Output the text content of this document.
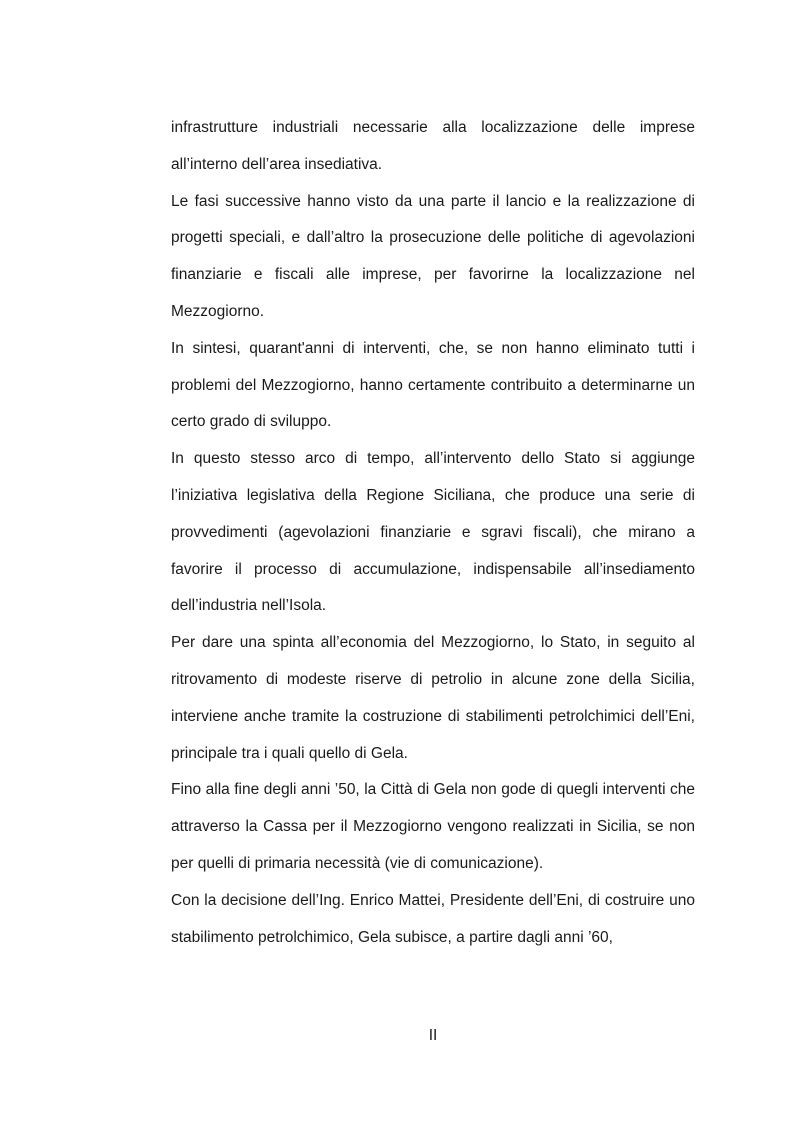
infrastrutture industriali necessarie alla localizzazione delle imprese all’interno dell’area insediativa.

Le fasi successive hanno visto da una parte il lancio e la realizzazione di progetti speciali, e dall’altro la prosecuzione delle politiche di agevolazioni finanziarie e fiscali alle imprese, per favorirne la localizzazione nel Mezzogiorno.

In sintesi, quarant'anni di interventi, che, se non hanno eliminato tutti i problemi del Mezzogiorno, hanno certamente contribuito a determinarne un certo grado di sviluppo.

In questo stesso arco di tempo, all’intervento dello Stato si aggiunge l’iniziativa legislativa della Regione Siciliana, che produce una serie di provvedimenti (agevolazioni finanziarie e sgravi fiscali), che mirano a favorire il processo di accumulazione, indispensabile all’insediamento dell’industria nell’Isola.

Per dare una spinta all’economia del Mezzogiorno, lo Stato, in seguito al ritrovamento di modeste riserve di petrolio in alcune zone della Sicilia, interviene anche tramite la costruzione di stabilimenti petrolchimici dell’Eni, principale tra i quali quello di Gela.

Fino alla fine degli anni ’50, la Città di Gela non gode di quegli interventi che attraverso la Cassa per il Mezzogiorno vengono realizzati in Sicilia, se non per quelli di primaria necessità (vie di comunicazione).

Con la decisione dell’Ing. Enrico Mattei, Presidente dell’Eni, di costruire uno stabilimento petrolchimico, Gela subisce, a partire dagli anni ’60,

II
